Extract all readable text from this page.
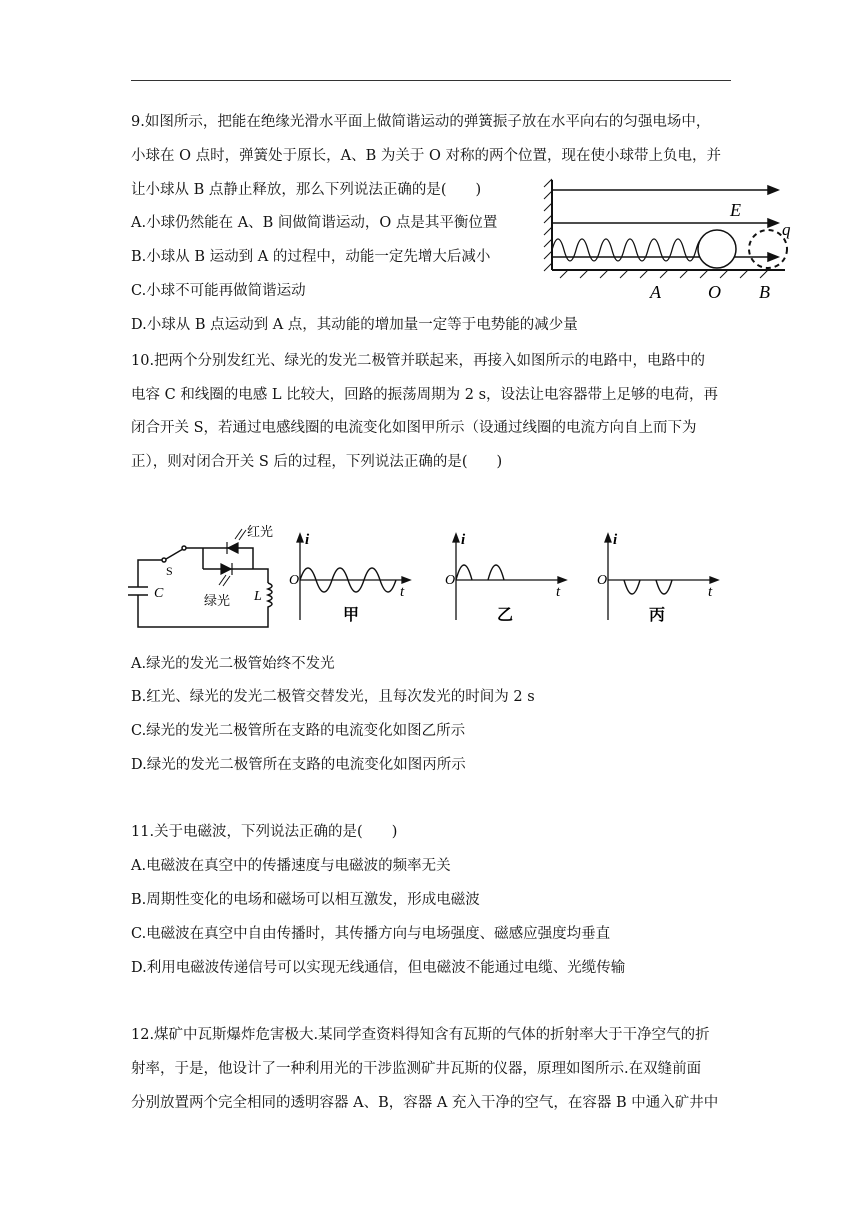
9.如图所示，把能在绝缘光滑水平面上做简谐运动的弹簧振子放在水平向右的匀强电场中，
小球在 O 点时，弹簧处于原长，A、B 为关于 O 对称的两个位置，现在使小球带上负电，并
让小球从 B 点静止释放，那么下列说法正确的是(　　)
A.小球仍然能在 A、B 间做简谐运动，O 点是其平衡位置
B.小球从 B 运动到 A 的过程中，动能一定先增大后减小
C.小球不可能再做简谐运动
D.小球从 B 点运动到 A 点，其动能的增加量一定等于电势能的减少量
E
q
A	O B
10.把两个分别发红光、绿光的发光二极管并联起来，再接入如图所示的电路中，电路中的
电容 C 和线圈的电感 L 比较大，回路的振荡周期为 2 s，设法让电容器带上足够的电荷，再
闭合开关 S，若通过电感线圈的电流变化如图甲所示（设通过线圈的电流方向自上而下为
正），则对闭合开关 S 后的过程，下列说法正确的是(　　)
红光
绿光
S
C	L
i
t
O
甲
i
t
O
乙
i
t
O
丙
A.绿光的发光二极管始终不发光
B.红光、绿光的发光二极管交替发光，且每次发光的时间为 2 s
C.绿光的发光二极管所在支路的电流变化如图乙所示
D.绿光的发光二极管所在支路的电流变化如图丙所示
11.关于电磁波，下列说法正确的是(　　)
A.电磁波在真空中的传播速度与电磁波的频率无关
B.周期性变化的电场和磁场可以相互激发，形成电磁波
C.电磁波在真空中自由传播时，其传播方向与电场强度、磁感应强度均垂直
D.利用电磁波传递信号可以实现无线通信，但电磁波不能通过电缆、光缆传输
12.煤矿中瓦斯爆炸危害极大.某同学查资料得知含有瓦斯的气体的折射率大于干净空气的折
射率，于是，他设计了一种利用光的干涉监测矿井瓦斯的仪器，原理如图所示.在双缝前面
分别放置两个完全相同的透明容器 A、B，容器 A 充入干净的空气，在容器 B 中通入矿井中
